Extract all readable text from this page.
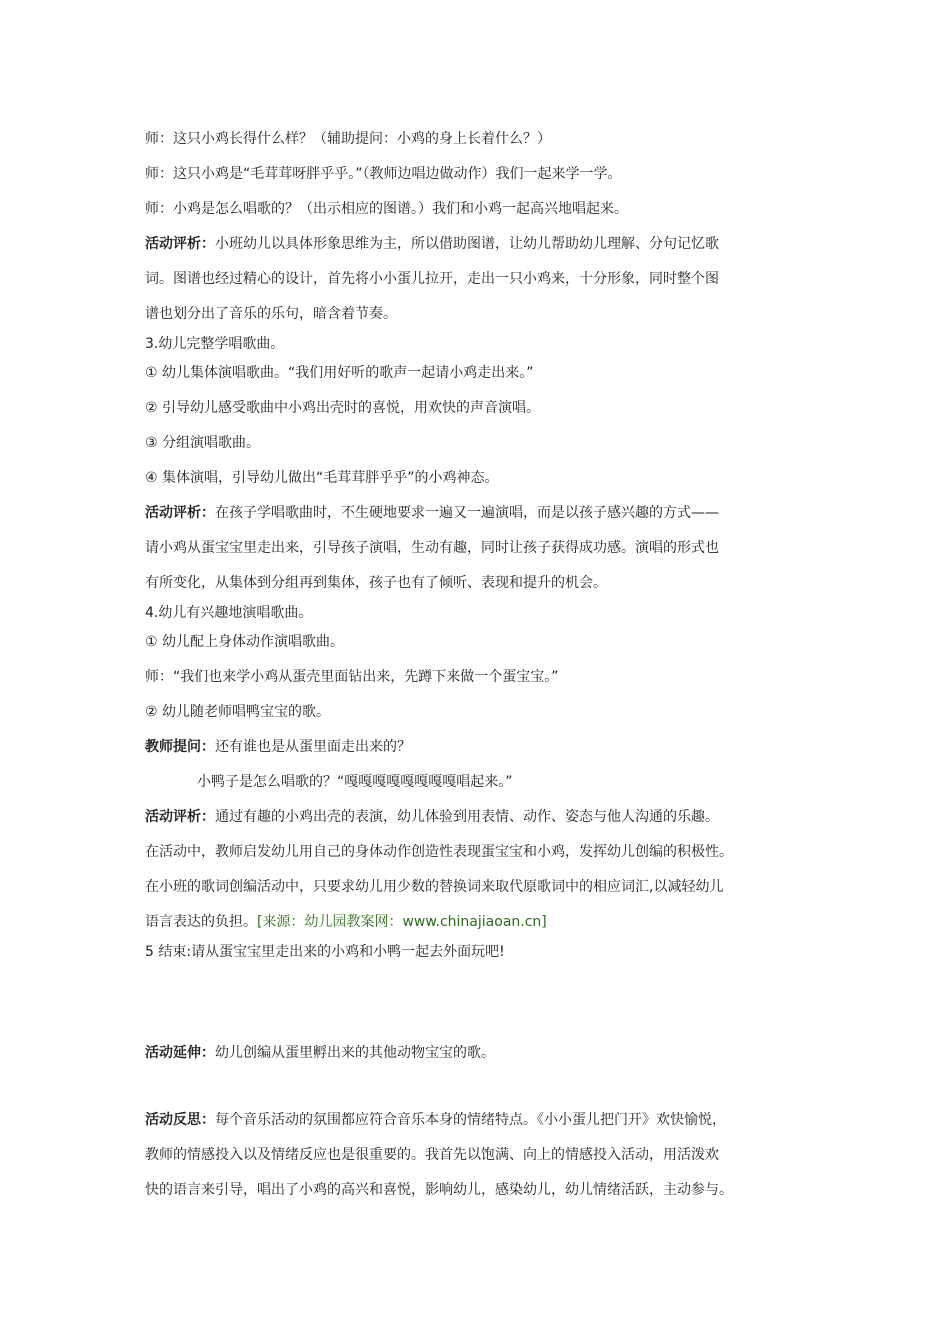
师：这只小鸡长得什么样？（辅助提问：小鸡的身上长着什么？）

师：这只小鸡是“毛茸茸呀胖乎乎。”（教师边唱边做动作）我们一起来学一学。

师：小鸡是怎么唱歌的？（出示相应的图谱。）我们和小鸡一起高兴地唱起来。

活动评析：小班幼儿以具体形象思维为主，所以借助图谱，让幼儿帮助幼儿理解、分句记忆歌

词。图谱也经过精心的设计，首先将小小蛋儿拉开，走出一只小鸡来，十分形象，同时整个图

谱也划分出了音乐的乐句，暗含着节奏。

3.幼儿完整学唱歌曲。

① 幼儿集体演唱歌曲。“我们用好听的歌声一起请小鸡走出来。”

② 引导幼儿感受歌曲中小鸡出壳时的喜悦，用欢快的声音演唱。

③ 分组演唱歌曲。

④ 集体演唱，引导幼儿做出“毛茸茸胖乎乎”的小鸡神态。

活动评析：在孩子学唱歌曲时，不生硬地要求一遍又一遍演唱，而是以孩子感兴趣的方式——

请小鸡从蛋宝宝里走出来，引导孩子演唱，生动有趣，同时让孩子获得成功感。演唱的形式也

有所变化，从集体到分组再到集体，孩子也有了倾听、表现和提升的机会。

4.幼儿有兴趣地演唱歌曲。

① 幼儿配上身体动作演唱歌曲。

师：“我们也来学小鸡从蛋壳里面钻出来，先蹲下来做一个蛋宝宝。”

② 幼儿随老师唱鸭宝宝的歌。

教师提问：还有谁也是从蛋里面走出来的？

小鸭子是怎么唱歌的？“嘎嘎嘎嘎嘎嘎嘎嘎唱起来。”

活动评析：通过有趣的小鸡出壳的表演，幼儿体验到用表情、动作、姿态与他人沟通的乐趣。

在活动中，教师启发幼儿用自己的身体动作创造性表现蛋宝宝和小鸡，发挥幼儿创编的积极性。

在小班的歌词创编活动中，只要求幼儿用少数的替换词来取代原歌词中的相应词汇,以减轻幼儿

语言表达的负担。[来源：幼儿园教案网：www.chinajiaoan.cn]

5 结束:请从蛋宝宝里走出来的小鸡和小鸭一起去外面玩吧!

活动延伸：幼儿创编从蛋里孵出来的其他动物宝宝的歌。

活动反思：每个音乐活动的氛围都应符合音乐本身的情绪特点。《小小蛋儿把门开》欢快愉悦，

教师的情感投入以及情绪反应也是很重要的。我首先以饱满、向上的情感投入活动，用活泼欢

快的语言来引导，唱出了小鸡的高兴和喜悦，影响幼儿，感染幼儿，幼儿情绪活跃，主动参与。
